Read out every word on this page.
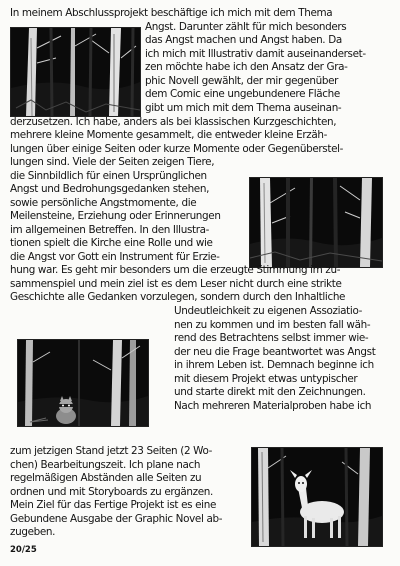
In meinem Abschlussprojekt beschäftige ich mich mit dem Thema
Angst. Darunter zählt für mich besonders
das Angst machen und Angst haben. Da
ich mich mit Illustrativ damit auseinanderset-
zen möchte habe ich den Ansatz der Gra-
phic Novell gewählt, der mir gegenüber
dem Comic eine ungebundenere Fläche
gibt um mich mit dem Thema auseinan-
derzusetzen. Ich habe, anders als bei klassischen Kurzgeschichten,
mehrere kleine Momente gesammelt, die entweder kleine Erzäh-
lungen über einige Seiten oder kurze Momente oder Gegenüberstel-
lungen sind. Viele der Seiten zeigen Tiere,
die Sinnbildlich für einen Ursprünglichen
Angst und Bedrohungsgedanken stehen,
sowie persönliche Angstmomente, die
Meilensteine, Erziehung oder Erinnerungen
im allgemeinen Betreffen. In den Illustra-
tionen spielt die Kirche eine Rolle und wie
die Angst vor Gott ein Instrument für Erzie-
hung war. Es geht mir besonders um die erzeugte Stimmung im zu-
sammenspiel und mein ziel ist es dem Leser nicht durch eine strikte
Geschichte alle Gedanken vorzulegen, sondern durch den Inhaltliche
Undeutleichkeit zu eigenen Assoziatio-
nen zu kommen und im besten fall wäh-
rend des Betrachtens selbst immer wie-
der neu die Frage beantwortet was Angst
in ihrem Leben ist. Demnach beginne ich
mit diesem Projekt etwas untypischer
und starte direkt mit den Zeichnungen.
Nach mehreren Materialproben habe ich
zum jetzigen Stand jetzt 23 Seiten (2 Wo-
chen) Bearbeitungszeit. Ich plane nach
regelmäßigen Abständen alle Seiten zu
ordnen und mit Storyboards zu ergänzen.
Mein Ziel für das Fertige Projekt ist es eine
Gebundene Ausgabe der Graphic Novel ab-
zugeben.
20/25
